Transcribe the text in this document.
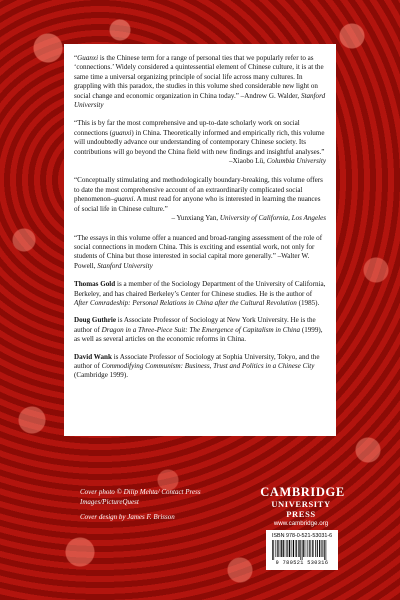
“Guanxi is the Chinese term for a range of personal ties that we popularly refer to as ‘connections.’ Widely considered a quintessential element of Chinese culture, it is at the same time a universal organizing principle of social life across many cultures. In grappling with this paradox, the studies in this volume shed considerable new light on social change and economic organization in China today.” –Andrew G. Walder, Stanford University

“This is by far the most comprehensive and up-to-date scholarly work on social connections (guanxi) in China. Theoretically informed and empirically rich, this volume will undoubtedly advance our understanding of contemporary Chinese society. Its contributions will go beyond the China field with new findings and insightful analyses.”

–Xiaobo Lü, Columbia University

“Conceptually stimulating and methodologically boundary-breaking, this volume offers to date the most comprehensive account of an extraordinarily complicated social phenomenon–guanxi. A must read for anyone who is interested in learning the nuances of social life in Chinese culture.”

– Yunxiang Yan, University of California, Los Angeles

“The essays in this volume offer a nuanced and broad-ranging assessment of the role of social connections in modern China. This is exciting and essential work, not only for students of China but those interested in social capital more generally.” –Walter W. Powell, Stanford University

Thomas Gold is a member of the Sociology Department of the University of California, Berkeley, and has chaired Berkeley’s Center for Chinese studies. He is the author of After Comradeship: Personal Relations in China after the Cultural Revolution (1985).

Doug Guthrie is Associate Professor of Sociology at New York University. He is the author of Dragon in a Three-Piece Suit: The Emergence of Capitalism in China (1999), as well as several articles on the economic reforms in China.

David Wank is Associate Professor of Sociology at Sophia University, Tokyo, and the author of Commodifying Communism: Business, Trust and Politics in a Chinese City (Cambridge 1999).

Cover photo © Dilip Mehta/ Contact Press Images/PictureQuest

Cover design by James F. Brisson

CAMBRIDGE
UNIVERSITY PRESS
www.cambridge.org
ISBN 978-0-521-53031-6
9 780521 530316
